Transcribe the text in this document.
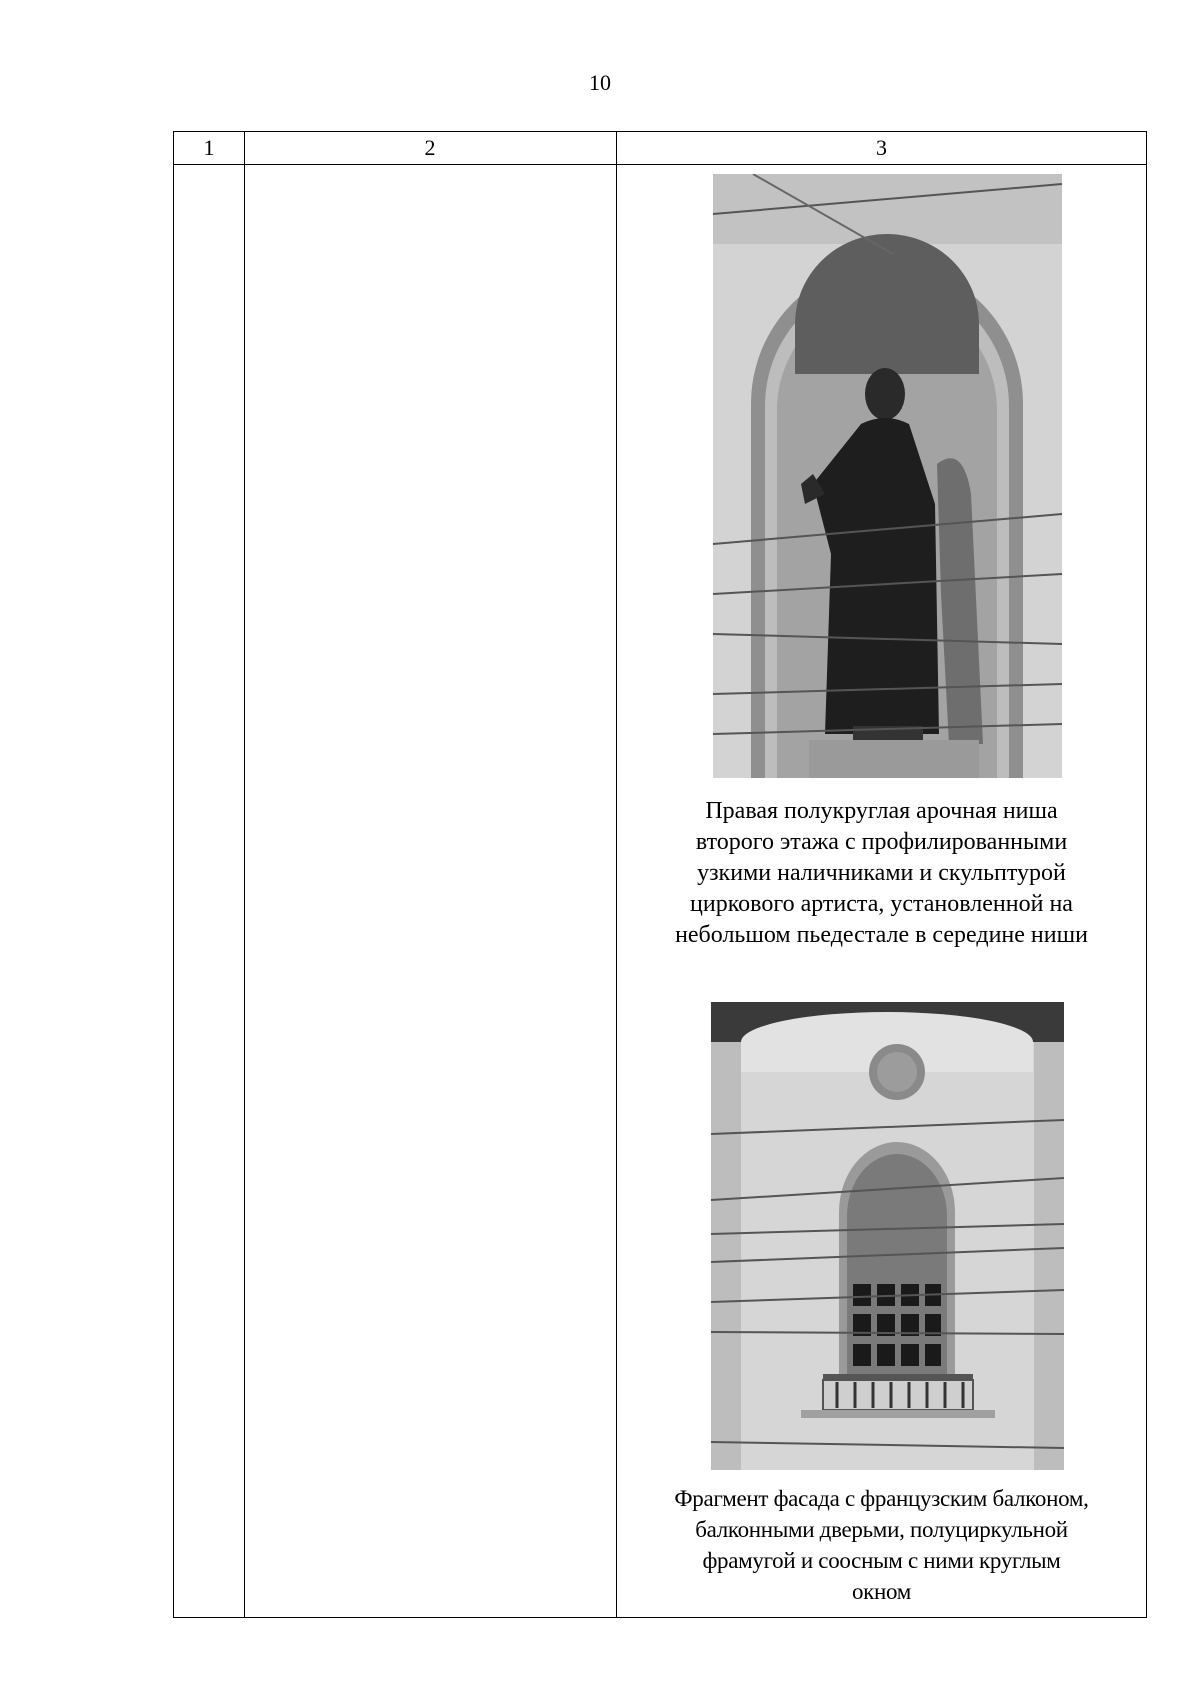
10
1	2	3
Правая полукруглая арочная ниша
второго этажа с профилированными
узкими наличниками и скульптурой
циркового артиста, установленной на
небольшом пьедестале в середине ниши
Фрагмент фасада с французским балконом,
балконными дверьми, полуциркульной
фрамугой и соосным с ними круглым
окном
